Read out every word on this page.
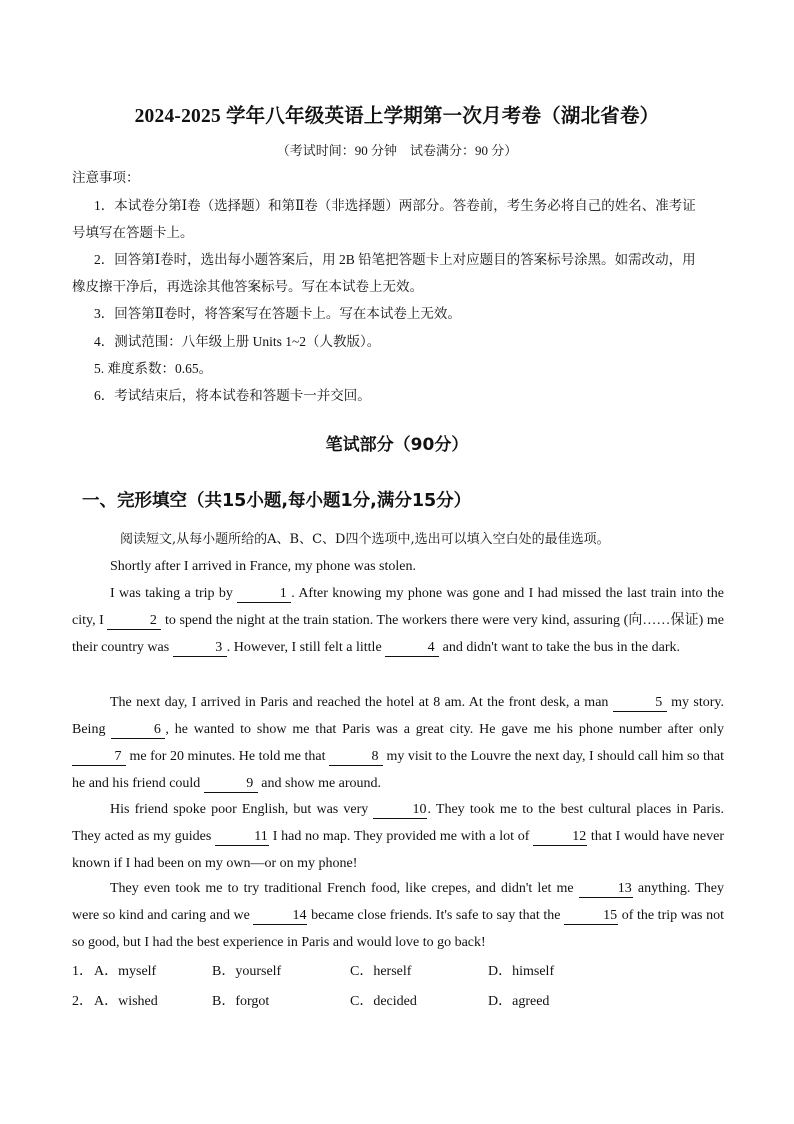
2024-2025 学年八年级英语上学期第一次月考卷（湖北省卷）
（考试时间：90 分钟　试卷满分：90 分）
注意事项：
1．本试卷分第Ⅰ卷（选择题）和第Ⅱ卷（非选择题）两部分。答卷前，考生务必将自己的姓名、准考证
号填写在答题卡上。
2．回答第Ⅰ卷时，选出每小题答案后，用 2B 铅笔把答题卡上对应题目的答案标号涂黑。如需改动，用
橡皮擦干净后，再选涂其他答案标号。写在本试卷上无效。
3．回答第Ⅱ卷时，将答案写在答题卡上。写在本试卷上无效。
4．测试范围：八年级上册 Units 1~2（人教版）。
5. 难度系数：0.65。
6．考试结束后，将本试卷和答题卡一并交回。
笔试部分（90分）
一、完形填空（共15小题,每小题1分,满分15分）
阅读短文,从每小题所给的A、B、C、D四个选项中,选出可以填入空白处的最佳选项。
Shortly after I arrived in France, my phone was stolen.
I was taking a trip by	1 . After knowing my phone was gone and I had missed the last train into the city, I	2 to spend the night at the train station. The workers there were very kind, assuring (向……保证) me their country was	3 . However, I still felt a little	4 and didn't want to take the bus in the dark.
The next day, I arrived in Paris and reached the hotel at 8 am. At the front desk, a man	5 my story. Being	6 , he wanted to show me that Paris was a great city. He gave me his phone number after only 7 me for 20 minutes. He told me that	8 my visit to the Louvre the next day, I should call him so that he and his friend could	9 and show me around.
His friend spoke poor English, but was very	10. They took me to the best cultural places in Paris. They acted as my guides	11 I had no map. They provided me with a lot of	12 that I would have never known if I had been on my own—or on my phone!
They even took me to try traditional French food, like crepes, and didn't let me	13 anything. They were so kind and caring and we	14 became close friends. It's safe to say that the	15 of the trip was not so good, but I had the best experience in Paris and would love to go back!
1． A．myself	B．yourself	C．herself	D．himself
2． A．wished	B．forgot	C．decided	D．agreed
